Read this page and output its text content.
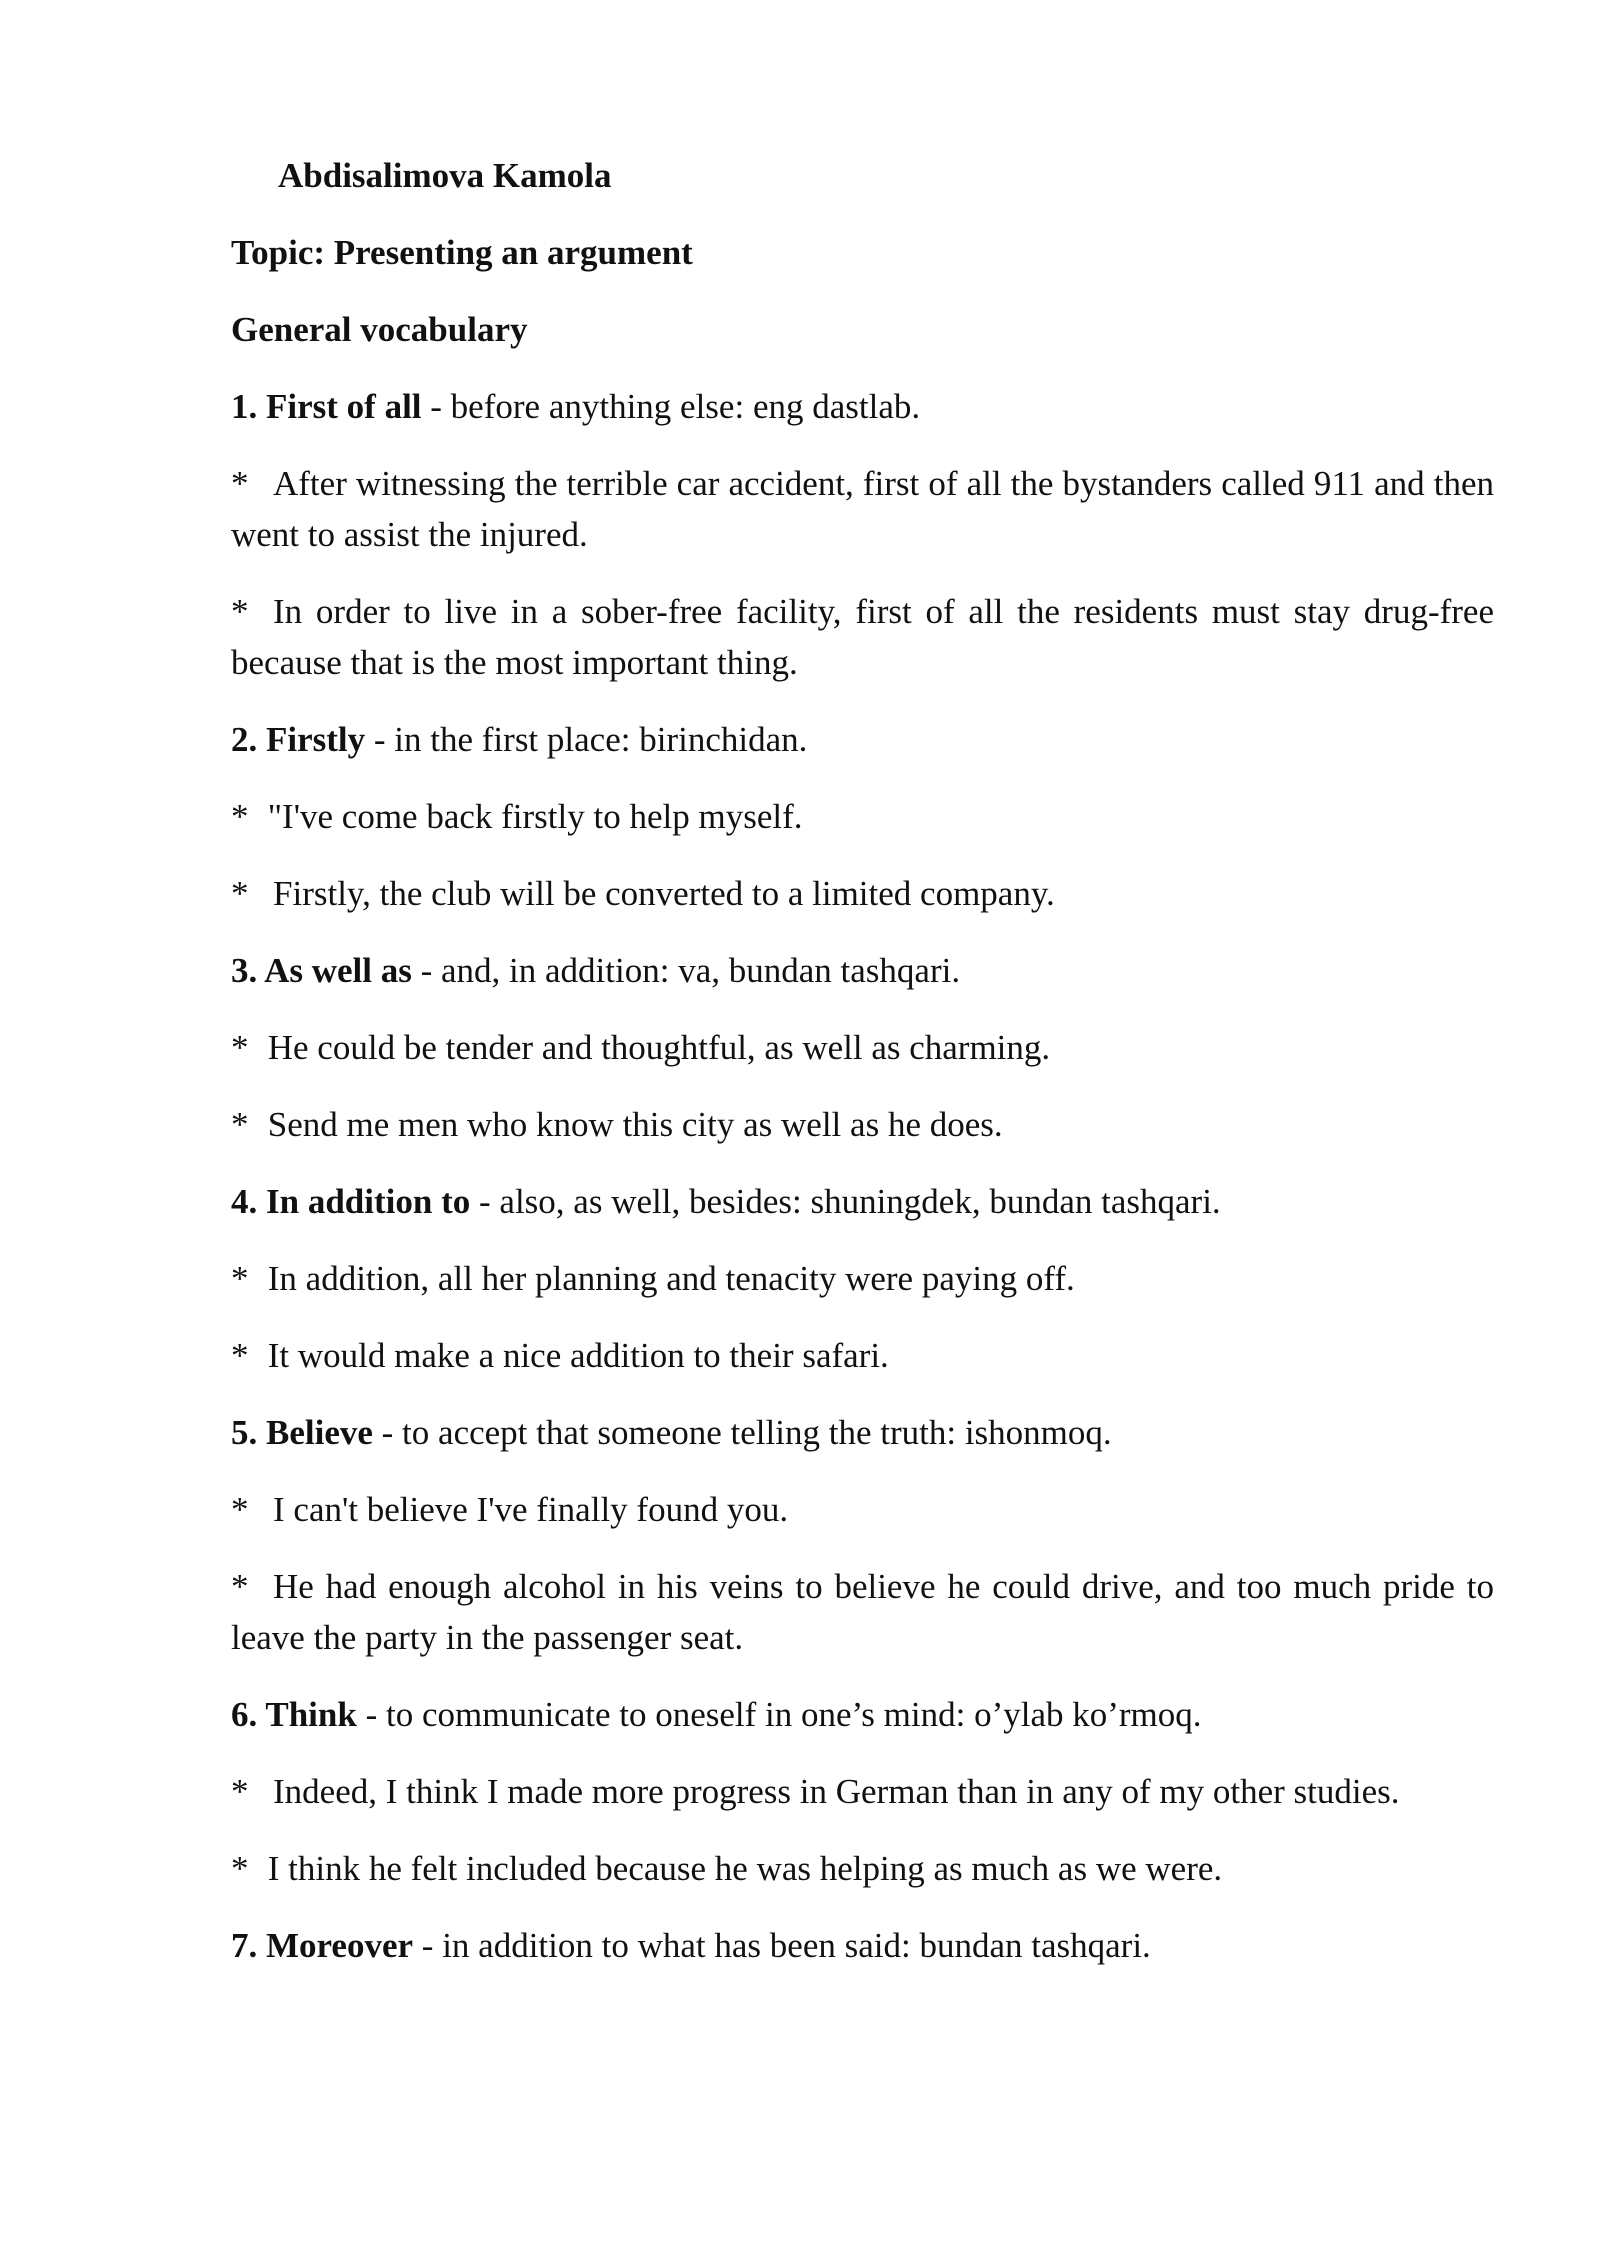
Abdisalimova Kamola

Topic: Presenting an argument

General vocabulary

1. First of all - before anything else: eng dastlab.

* After witnessing the terrible car accident, first of all the bystanders called 911 and then went to assist the injured.

* In order to live in a sober-free facility, first of all the residents must stay drug-free because that is the most important thing.

2. Firstly - in the first place: birinchidan.

* "I've come back firstly to help myself.

* Firstly, the club will be converted to a limited company.

3. As well as - and, in addition: va, bundan tashqari.

* He could be tender and thoughtful, as well as charming.

* Send me men who know this city as well as he does.

4. In addition to - also, as well, besides: shuningdek, bundan tashqari.

* In addition, all her planning and tenacity were paying off.

* It would make a nice addition to their safari.

5. Believe - to accept that someone telling the truth: ishonmoq.

* I can't believe I've finally found you.

* He had enough alcohol in his veins to believe he could drive, and too much pride to leave the party in the passenger seat.

6. Think - to communicate to oneself in one’s mind: o’ylab ko’rmoq.

* Indeed, I think I made more progress in German than in any of my other studies.

* I think he felt included because he was helping as much as we were.

7. Moreover - in addition to what has been said: bundan tashqari.
